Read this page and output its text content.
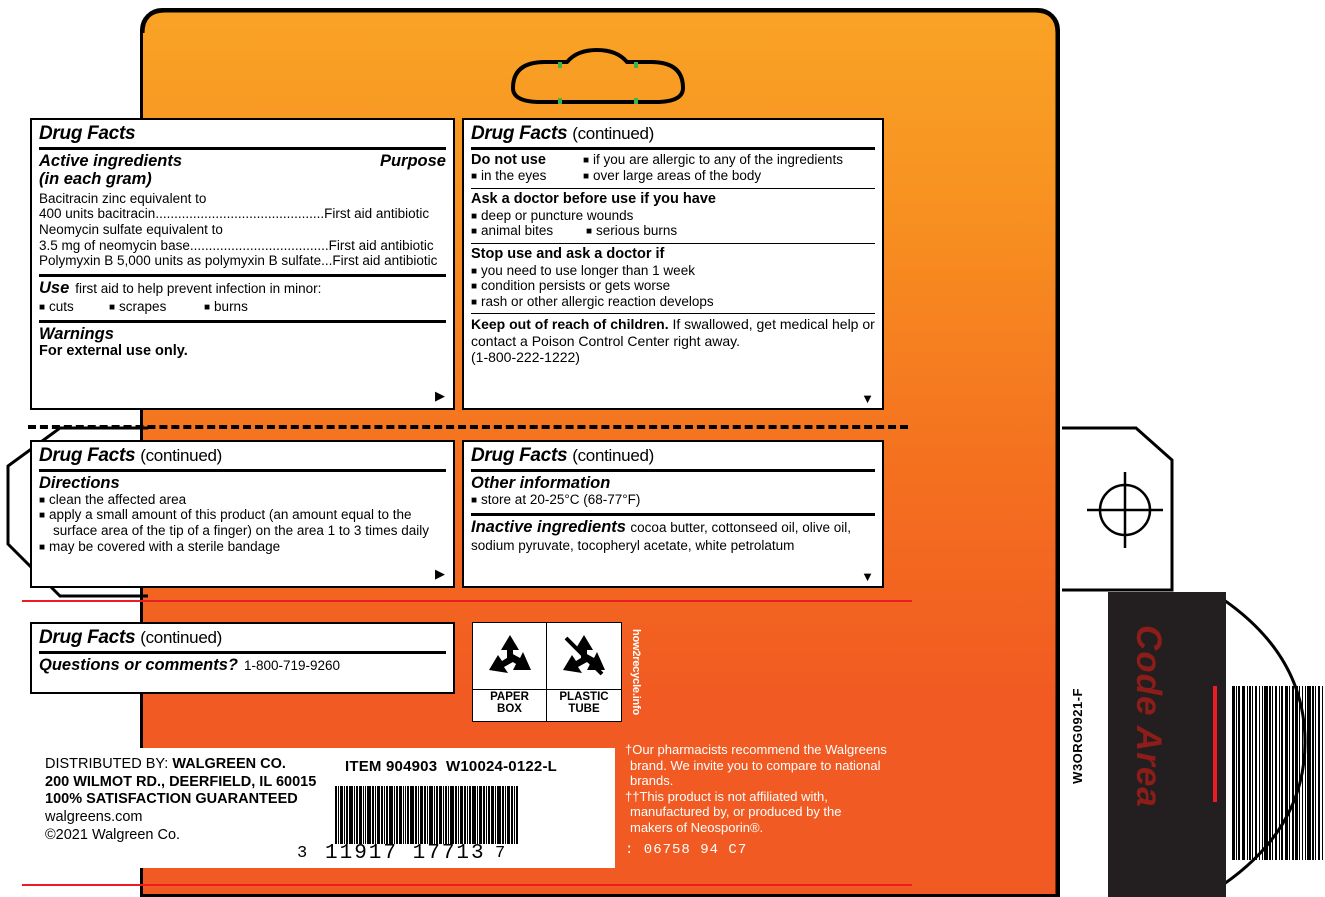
Drug Facts
Active ingredients	Purpose
(in each gram)
Bacitracin zinc equivalent to
400 units bacitracin.............................................First aid antibiotic
Neomycin sulfate equivalent to
3.5 mg of neomycin base.....................................First aid antibiotic
Polymyxin B 5,000 units as polymyxin B sulfate...First aid antibiotic
Use first aid to help prevent infection in minor:
■ cuts	■ scrapes	■ burns
Warnings
For external use only.
▶
Drug Facts (continued)
Do not use	■ if you are allergic to any of the ingredients
■ in the eyes	■ over large areas of the body
Ask a doctor before use if you have
■ deep or puncture wounds
■ animal bites	■ serious burns
Stop use and ask a doctor if
■ you need to use longer than 1 week
■ condition persists or gets worse
■ rash or other allergic reaction develops
Keep out of reach of children. If swallowed, get medical help or contact a Poison Control Center right away.
(1-800-222-1222)
▼
Drug Facts (continued)
Directions
■ clean the affected area
■ apply a small amount of this product (an amount equal to the surface area of the tip of a finger) on the area 1 to 3 times daily
■ may be covered with a sterile bandage
▶
Drug Facts (continued)
Other information
■ store at 20-25°C (68-77°F)
Inactive ingredients cocoa butter, cottonseed oil, olive oil, sodium pyruvate, tocopheryl acetate, white petrolatum
▼
Drug Facts (continued)
Questions or comments? 1-800-719-9260
PAPER
BOX
PLASTIC
TUBE	how2recycle.info
DISTRIBUTED BY: WALGREEN CO.
200 WILMOT RD., DEERFIELD, IL 60015
100% SATISFACTION GUARANTEED
walgreens.com
©2021 Walgreen Co.
ITEM 904903 W10024-0122-L
3 11917 17713 7
†Our pharmacists recommend the Walgreens brand. We invite you to compare to national brands.
††This product is not affiliated with, manufactured by, or produced by the makers of Neosporin®.
: 06758 94 C7
W3ORG0921-F Code Area
